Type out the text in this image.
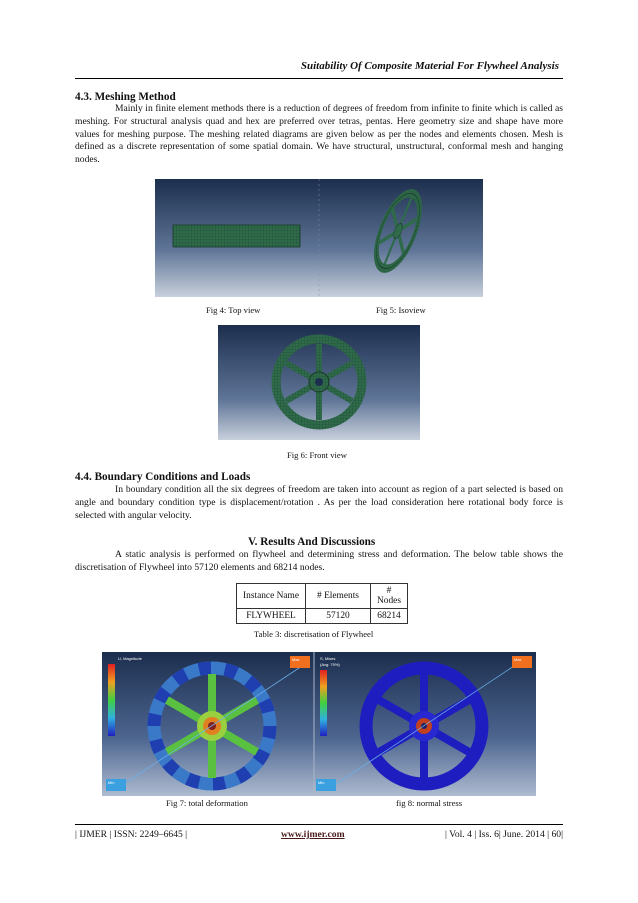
Suitability Of Composite Material For Flywheel Analysis
4.3. Meshing Method
Mainly in finite element methods there is a reduction of degrees of freedom from infinite to finite which is called as meshing. For structural analysis quad and hex are preferred over tetras, pentas. Here geometry size and shape have more values for meshing purpose. The meshing related diagrams are given below as per the nodes and elements chosen. Mesh is defined as a discrete representation of some spatial domain. We have structural, unstructural, conformal mesh and hanging nodes.
Fig 4: Top view	Fig 5: Isoview
Fig 6: Front view
4.4. Boundary Conditions and Loads
In boundary condition all the six degrees of freedom are taken into account as region of a part selected is based on angle and boundary condition type is displacement/rotation . As per the load consideration here rotational body force is selected with angular velocity.
V. Results And Discussions
A static analysis is performed on flywheel and determining stress and deformation. The below table shows the discretisation of Flywheel into 57120 elements and 68214 nodes.
Instance Name	# Elements	# Nodes
FLYWHEEL	57120	68214
Table 3: discretisation of Flywheel
U, Magnitude
Min
Max	S, Mises
(Avg: 75%)
Min
Max
Fig 7: total deformation	fig 8: normal stress
| IJMER | ISSN: 2249–6645 |	www.ijmer.com	| Vol. 4 | Iss. 6| June. 2014 | 60|
